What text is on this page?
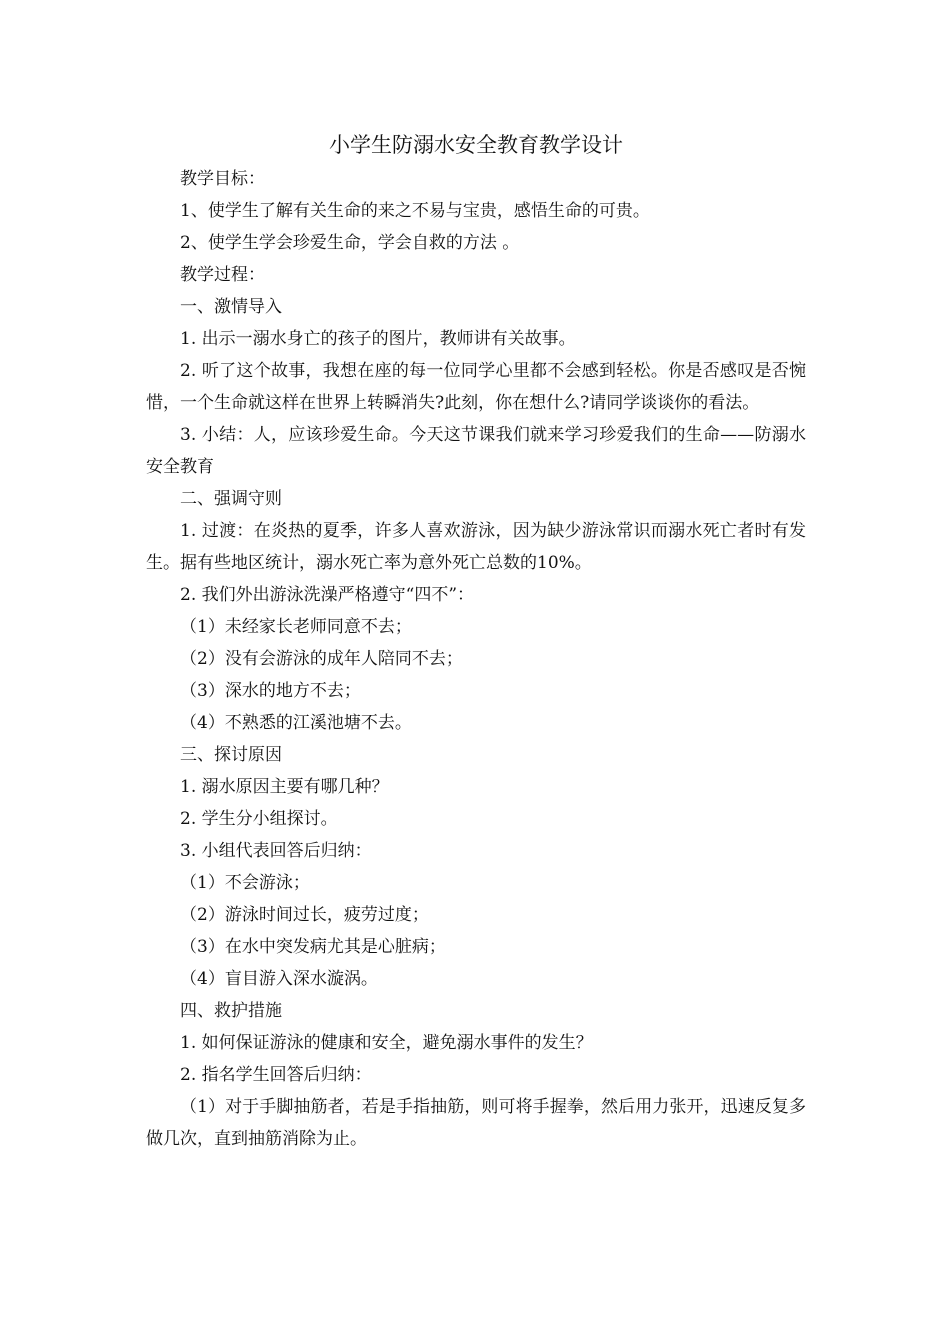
小学生防溺水安全教育教学设计

教学目标：

1、使学生了解有关生命的来之不易与宝贵，感悟生命的可贵。

2、使学生学会珍爱生命，学会自救的方法 。

教学过程：

一、激情导入

1. 出示一溺水身亡的孩子的图片，教师讲有关故事。

2. 听了这个故事，我想在座的每一位同学心里都不会感到轻松。你是否感叹是否惋惜，一个生命就这样在世界上转瞬消失?此刻，你在想什么?请同学谈谈你的看法。

3. 小结：人，应该珍爱生命。今天这节课我们就来学习珍爱我们的生命——防溺水安全教育

二、强调守则

1. 过渡：在炎热的夏季，许多人喜欢游泳，因为缺少游泳常识而溺水死亡者时有发生。据有些地区统计，溺水死亡率为意外死亡总数的10%。

2. 我们外出游泳洗澡严格遵守“四不”：

（1）未经家长老师同意不去；

（2）没有会游泳的成年人陪同不去；

（3）深水的地方不去；

（4）不熟悉的江溪池塘不去。

三、探讨原因

1. 溺水原因主要有哪几种？

2. 学生分小组探讨。

3. 小组代表回答后归纳：

（1）不会游泳；

（2）游泳时间过长，疲劳过度；

（3）在水中突发病尤其是心脏病；

（4）盲目游入深水漩涡。

四、救护措施

1. 如何保证游泳的健康和安全，避免溺水事件的发生？

2. 指名学生回答后归纳：

（1）对于手脚抽筋者，若是手指抽筋，则可将手握拳，然后用力张开，迅速反复多做几次，直到抽筋消除为止。
